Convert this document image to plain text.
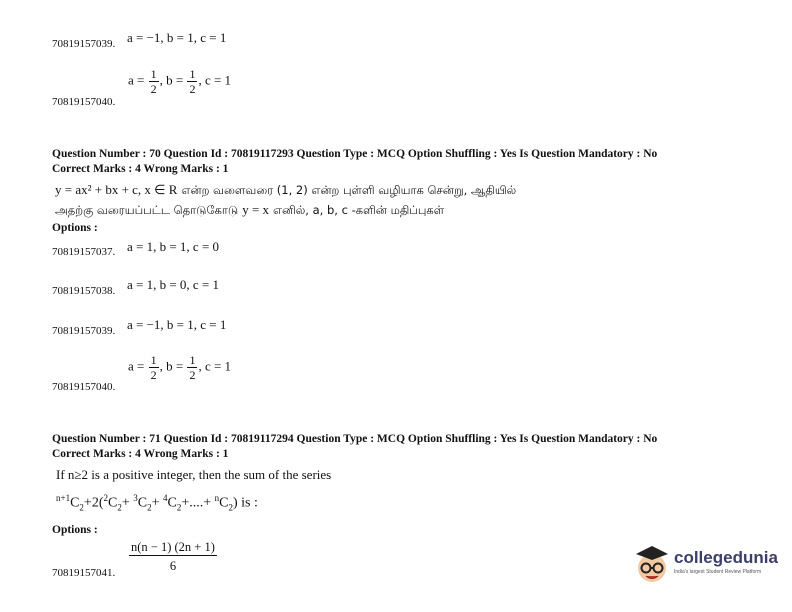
70819157039. a = −1, b = 1, c = 1
70819157040.
$a = \frac{1}{2}$ , $b = \frac{1}{2}$ , c = 1
Question Number : 70 Question Id : 70819117293 Question Type : MCQ Option Shuffling : Yes Is Question Mandatory : No
Correct Marks : 4 Wrong Marks : 1
y = ax² + bx + c, x ∈ R என்ற வளைவரை (1, 2) என்ற புள்ளி வழியாக சென்று, ஆதியில்
அதற்கு வரையப்பட்ட தொடுகோடு y = x எனில், a, b, c -களின் மதிப்புகள்
Options :
70819157037. a = 1, b = 1, c = 0
70819157038. a = 1, b = 0, c = 1
70819157039. a = −1, b = 1, c = 1
70819157040.
$a = \frac{1}{2}$ , $b = \frac{1}{2}$ , c = 1
Question Number : 71 Question Id : 70819117294 Question Type : MCQ Option Shuffling : Yes Is Question Mandatory : No
Correct Marks : 4 Wrong Marks : 1
If n≥2 is a positive integer, then the sum of the series
$^{n+1}C_2+2(^2C_2+ ^3C_2+ ^4C_2+....+ ^nC_2)$ is :
Options :
70819157041.
$\frac{n(n - 1) (2n + 1)}{6}$	collegedunia
India's largest Student Review Platform
